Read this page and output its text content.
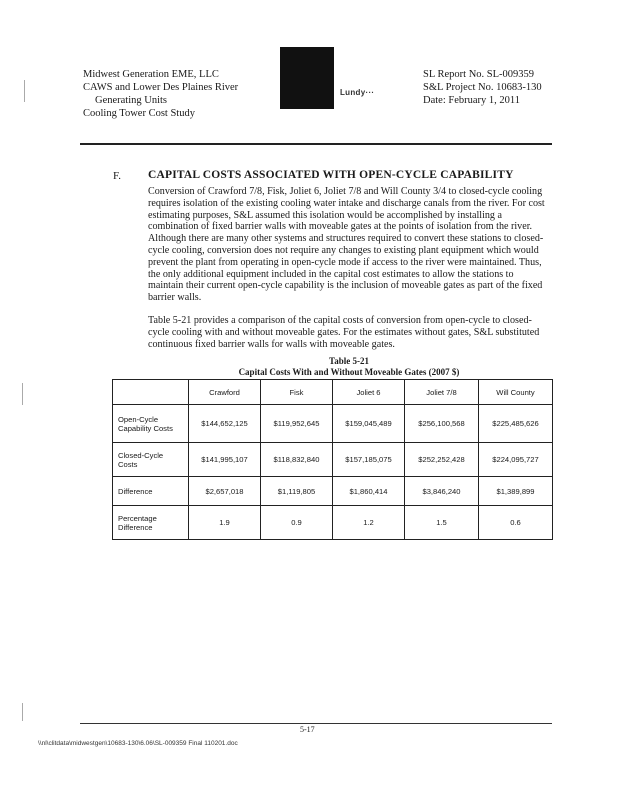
Midwest Generation EME, LLC
CAWS and Lower Des Plaines River
Generating Units
Cooling Tower Cost Study
Lundy···
SL Report No. SL-009359
S&L Project No. 10683-130
Date: February 1, 2011
F. CAPITAL COSTS ASSOCIATED WITH OPEN-CYCLE CAPABILITY
Conversion of Crawford 7/8, Fisk, Joliet 6, Joliet 7/8 and Will County 3/4 to closed-cycle cooling requires isolation of the existing cooling water intake and discharge canals from the river. For cost estimating purposes, S&L assumed this isolation would be accomplished by installing a combination of fixed barrier walls with moveable gates at the points of isolation from the river. Although there are many other systems and structures required to convert these stations to closed-cycle cooling, conversion does not require any changes to existing plant equipment which would prevent the plant from operating in open-cycle mode if access to the river were maintained. Thus, the only additional equipment included in the capital cost estimates to allow the stations to maintain their current open-cycle capability is the inclusion of moveable gates as part of the fixed barrier walls.
Table 5-21 provides a comparison of the capital costs of conversion from open-cycle to closed-cycle cooling with and without moveable gates. For the estimates without gates, S&L substituted continuous fixed barrier walls for walls with moveable gates.
Table 5-21
Capital Costs With and Without Moveable Gates (2007 $)
	Crawford	Fisk	Joliet 6	Joliet 7/8	Will County
Open-Cycle Capability Costs	$144,652,125	$119,952,645	$159,045,489	$256,100,568	$225,485,626
Closed-Cycle Costs	$141,995,107	$118,832,840	$157,185,075	$252,252,428	$224,095,727
Difference	$2,657,018	$1,119,805	$1,860,414	$3,846,240	$1,389,899
Percentage Difference	1.9	0.9	1.2	1.5	0.6
5-17
\\nl\clitdata\midwestgen\10683-130\6.06\SL-009359 Final 110201.doc
